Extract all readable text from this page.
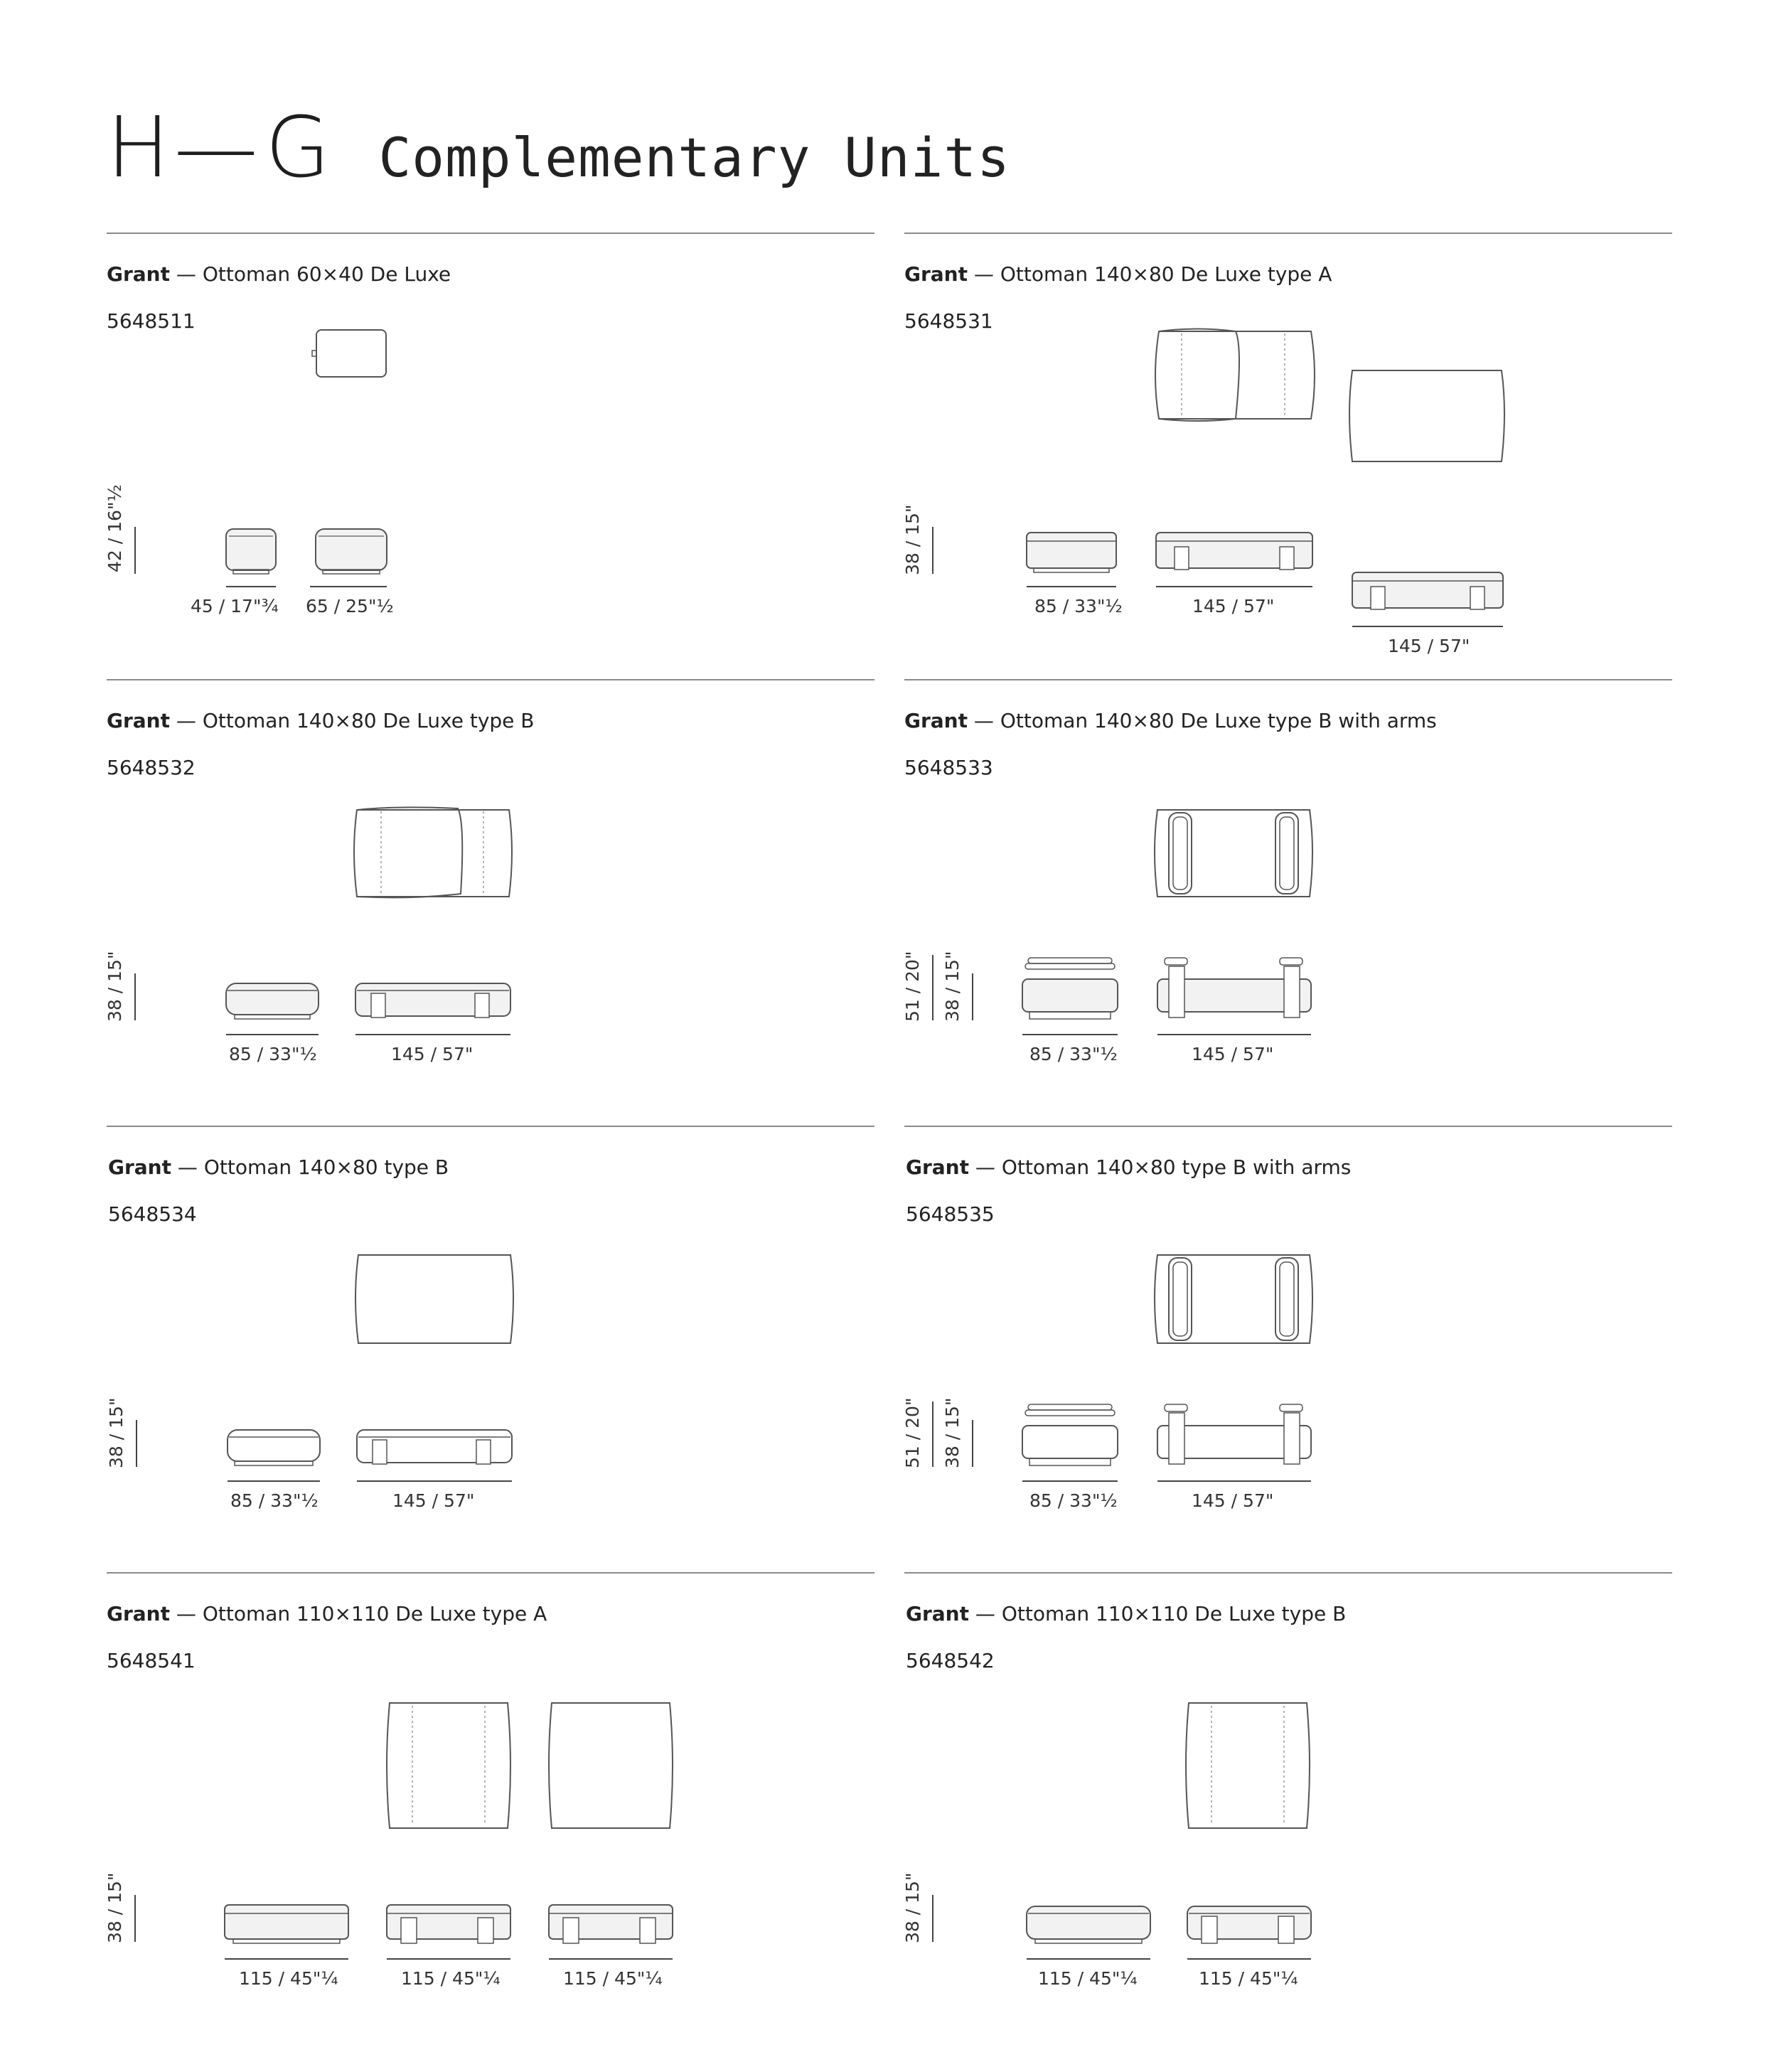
H—G Complementary Units
Grant — Ottoman 60×40 De Luxe
5648511
42 / 16"½
45 / 17"¾ 65 / 25"½
Grant — Ottoman 140×80 De Luxe type A
5648531
38 / 15"
85 / 33"½	145 / 57"
145 / 57"
Grant — Ottoman 140×80 De Luxe type B
5648532
38 / 15"
85 / 33"½	145 / 57"
Grant — Ottoman 140×80 De Luxe type B with arms
5648533
51 / 20" 38 / 15"
85 / 33"½	145 / 57"
Grant — Ottoman 140×80 type B
5648534
38 / 15"
85 / 33"½	145 / 57"
Grant — Ottoman 140×80 type B with arms
5648535
51 / 20" 38 / 15"
85 / 33"½	145 / 57"
Grant — Ottoman 110×110 De Luxe type A
5648541
38 / 15"
115 / 45"¼	115 / 45"¼	115 / 45"¼
Grant — Ottoman 110×110 De Luxe type B
5648542
38 / 15"
115 / 45"¼	115 / 45"¼
